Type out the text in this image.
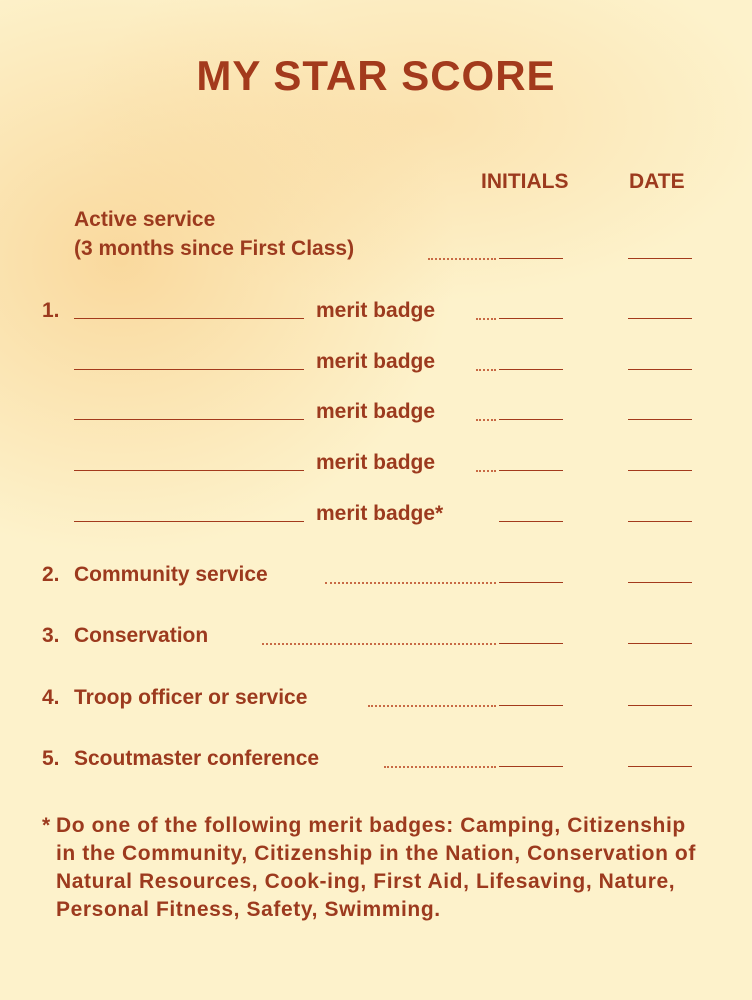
MY STAR SCORE
INITIALS	DATE
Active service
(3 months since First Class)
1.	merit badge
merit badge
merit badge
merit badge
merit badge*
2. Community service
3. Conservation
4. Troop officer or service
5. Scoutmaster conference
* Do one of the following merit badges: Camping, Citizenship in the Community, Citizenship in the Nation, Conservation of Natural Resources, Cook-ing, First Aid, Lifesaving, Nature, Personal Fitness, Safety, Swimming.
